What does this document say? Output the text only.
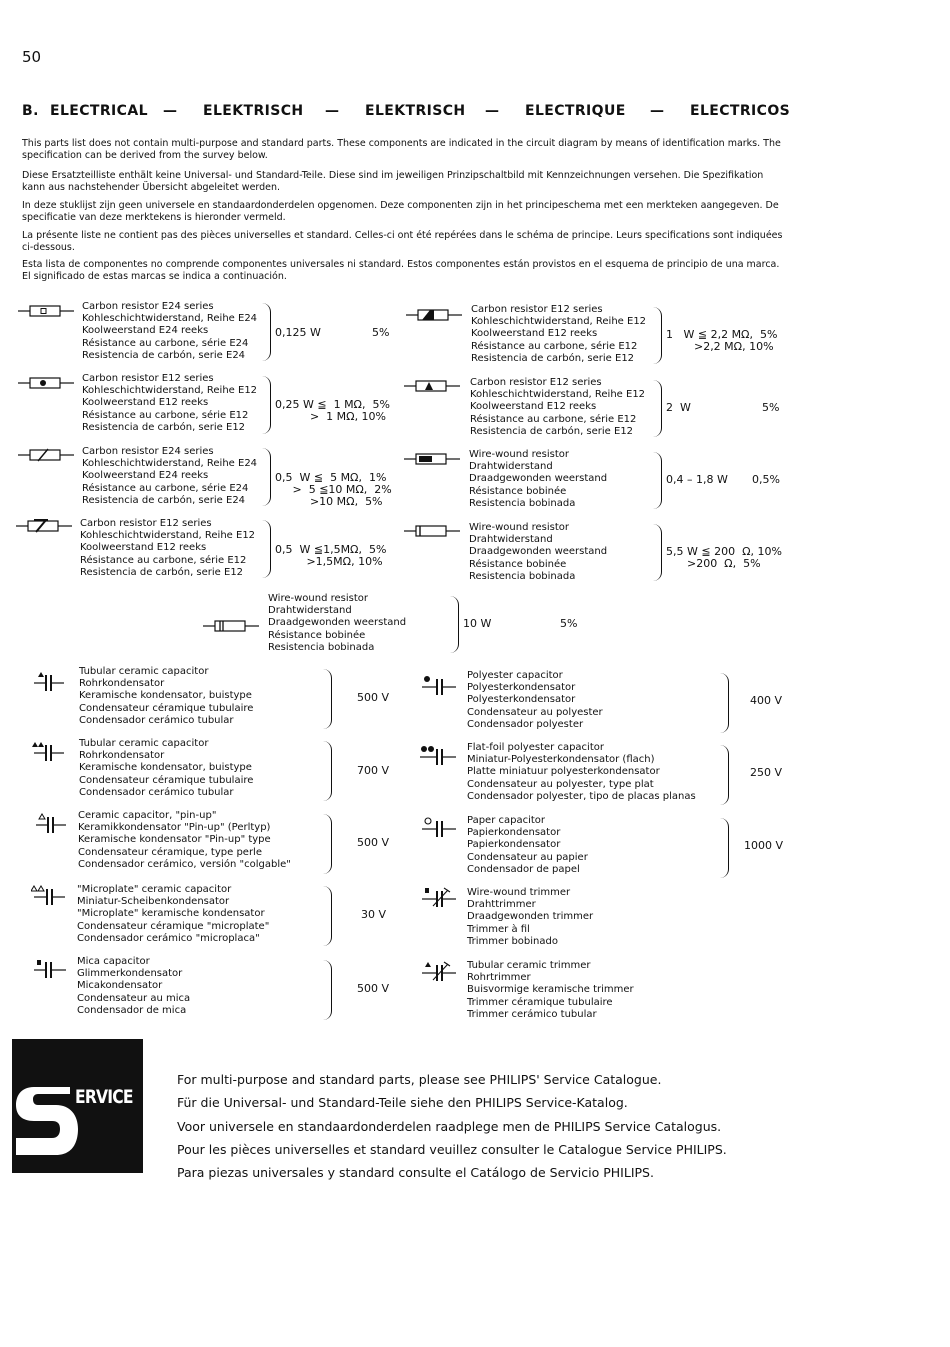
50
B. ELECTRICAL — ELEKTRISCH — ELEKTRISCH — ELECTRIQUE — ELECTRICOS
This parts list does not contain multi-purpose and standard parts. These components are indicated in the circuit diagram by means of identification marks. The specification can be derived from the survey below.
Diese Ersatzteilliste enthält keine Universal- und Standard-Teile. Diese sind im jeweiligen Prinzipschaltbild mit Kennzeichnungen versehen. Die Spezifikation kann aus nachstehender Übersicht abgeleitet werden.
In deze stuklijst zijn geen universele en standaardonderdelen opgenomen. Deze componenten zijn in het principeschema met een merkteken aangegeven. De specificatie van deze merktekens is hieronder vermeld.
La présente liste ne contient pas des pièces universelles et standard. Celles-ci ont été repérées dans le schéma de principe. Leurs specifications sont indiquées ci-dessous.
Esta lista de componentes no comprende componentes universales ni standard. Estos componentes están provistos en el esquema de principio de una marca. El significado de estas marcas se indica a continuación.
Carbon resistor E24 series
Kohleschichtwiderstand, Reihe E24
Koolweerstand E24 reeks
Résistance au carbone, série E24
Resistencia de carbón, serie E24
0,125 W	5%
Carbon resistor E12 series
Kohleschichtwiderstand, Reihe E12
Koolweerstand E12 reeks
Résistance au carbone, série E12
Resistencia de carbón, serie E12
0,25 W ≦  1 MΩ,  5%
>  1 MΩ, 10%
Carbon resistor E24 series
Kohleschichtwiderstand, Reihe E24
Koolweerstand E24 reeks
Résistance au carbone, série E24
Resistencia de carbón, serie E24
0,5  W ≦  5 MΩ,  1%
>  5 ≦10 MΩ,  2%
>10 MΩ,  5%
Carbon resistor E12 series
Kohleschichtwiderstand, Reihe E12
Koolweerstand E12 reeks
Résistance au carbone, série E12
Resistencia de carbón, serie E12
0,5  W ≦1,5MΩ,  5%
>1,5MΩ, 10%
Carbon resistor E12 series
Kohleschichtwiderstand, Reihe E12
Koolweerstand E12 reeks
Résistance au carbone, série E12
Resistencia de carbón, serie E12
1   W ≦ 2,2 MΩ,  5%
>2,2 MΩ, 10%
Carbon resistor E12 series
Kohleschichtwiderstand, Reihe E12
Koolweerstand E12 reeks
Résistance au carbone, série E12
Resistencia de carbón, serie E12
2  W	5%
Wire-wound resistor
Drahtwiderstand
Draadgewonden weerstand
Résistance bobinée
Resistencia bobinada
0,4 – 1,8 W 0,5%
Wire-wound resistor
Drahtwiderstand
Draadgewonden weerstand
Résistance bobinée
Resistencia bobinada
5,5 W ≦ 200  Ω, 10%
>200  Ω,  5%
Wire-wound resistor
Drahtwiderstand
Draadgewonden weerstand
Résistance bobinée
Resistencia bobinada
10 W	5%
Tubular ceramic capacitor
Rohrkondensator
Keramische kondensator, buistype
Condensateur céramique tubulaire
Condensador cerámico tubular
500 V
Tubular ceramic capacitor
Rohrkondensator
Keramische kondensator, buistype
Condensateur céramique tubulaire
Condensador cerámico tubular
700 V
Ceramic capacitor, "pin-up"
Keramikkondensator "Pin-up" (Perltyp)
Keramische kondensator "Pin-up" type
Condensateur céramique, type perle
Condensador cerámico, versión "colgable"
500 V
"Microplate" ceramic capacitor
Miniatur-Scheibenkondensator
"Microplate" keramische kondensator
Condensateur céramique "microplate"
Condensador cerámico "microplaca"
30 V
Mica capacitor
Glimmerkondensator
Micakondensator
Condensateur au mica
Condensador de mica
500 V
Polyester capacitor
Polyesterkondensator
Polyesterkondensator
Condensateur au polyester
Condensador polyester
400 V
Flat-foil polyester capacitor
Miniatur-Polyesterkondensator (flach)
Platte miniatuur polyesterkondensator
Condensateur au polyester, type plat
Condensador polyester, tipo de placas planas
250 V
Paper capacitor
Papierkondensator
Papierkondensator
Condensateur au papier
Condensador de papel
1000 V
Wire-wound trimmer
Drahttrimmer
Draadgewonden trimmer
Trimmer à fil
Trimmer bobinado
Tubular ceramic trimmer
Rohrtrimmer
Buisvormige keramische trimmer
Trimmer céramique tubulaire
Trimmer cerámico tubular
ERVICE
For multi-purpose and standard parts, please see PHILIPS' Service Catalogue.
Für die Universal- und Standard-Teile siehe den PHILIPS Service-Katalog.
Voor universele en standaardonderdelen raadplege men de PHILIPS Service Catalogus.
Pour les pièces universelles et standard veuillez consulter le Catalogue Service PHILIPS.
Para piezas universales y standard consulte el Catálogo de Servicio PHILIPS.
